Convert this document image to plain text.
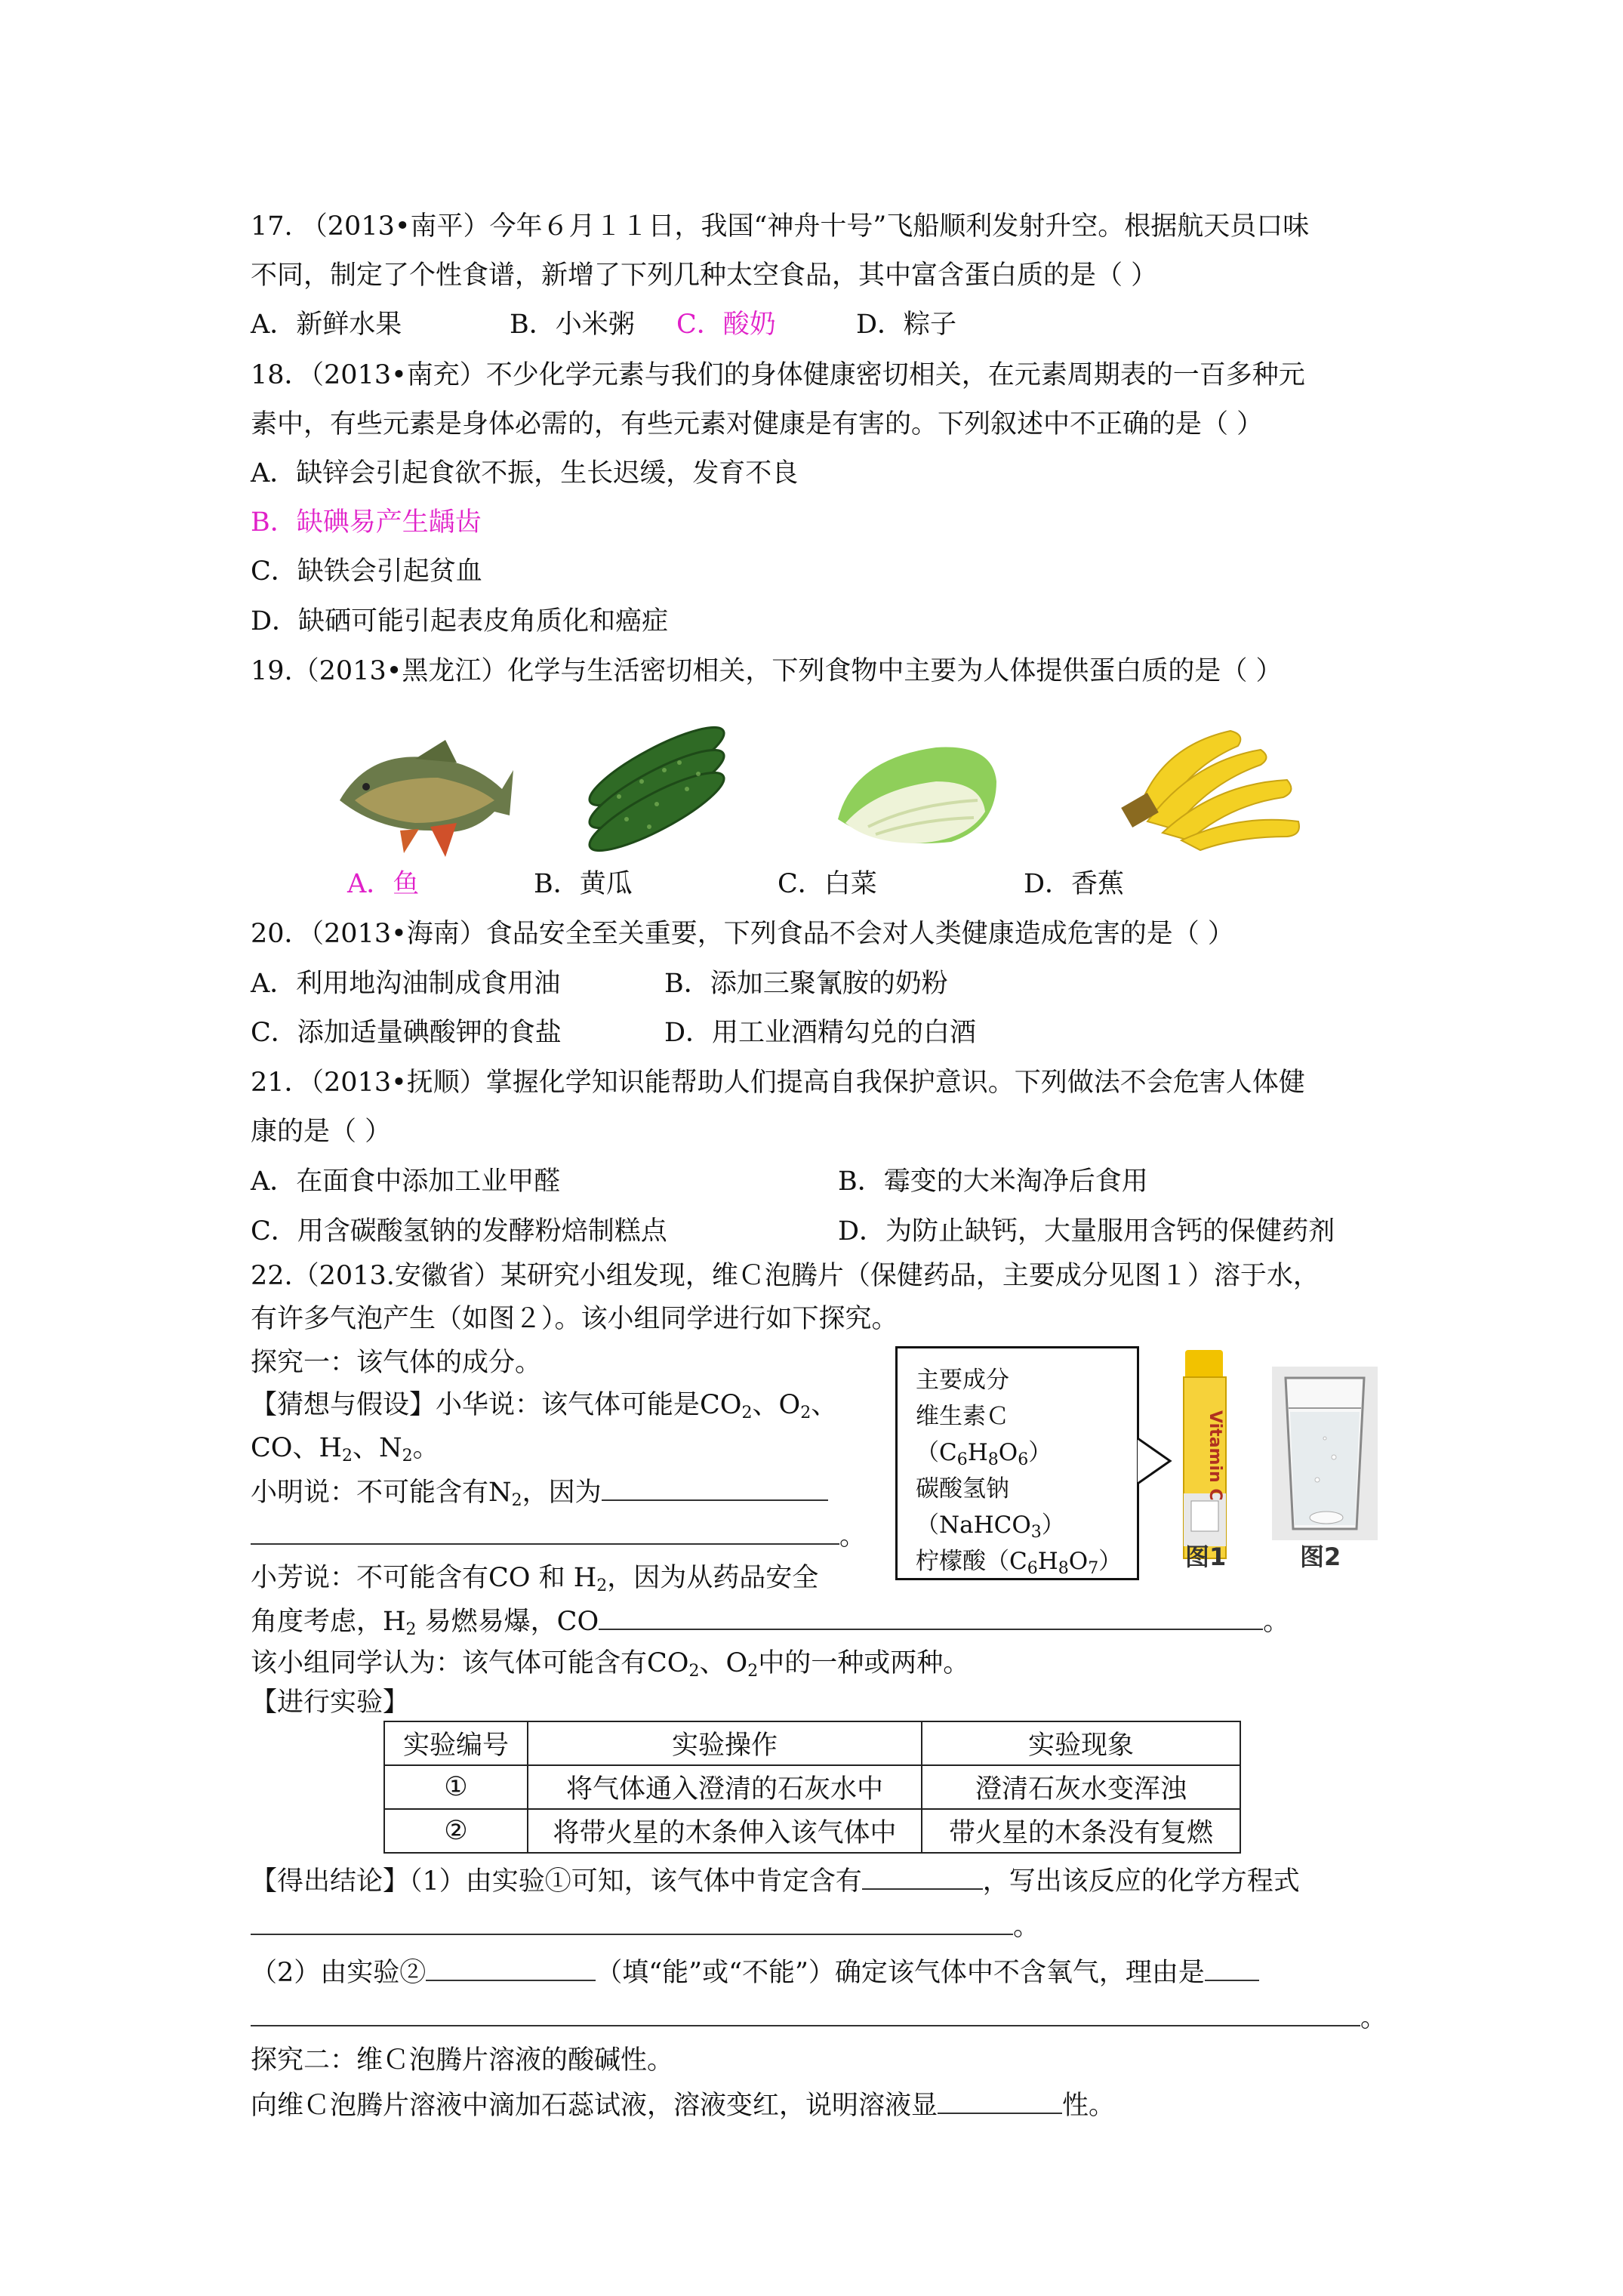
17. （2013•南平）今年６月１１日，我国“神舟十号”飞船顺利发射升空。根据航天员口味
不同，制定了个性食谱，新增了下列几种太空食品，其中富含蛋白质的是（ ）
A．新鲜水果	B．小米粥 C．酸奶	D．粽子
18．（2013•南充）不少化学元素与我们的身体健康密切相关，在元素周期表的一百多种元
素中，有些元素是身体必需的，有些元素对健康是有害的。下列叙述中不正确的是（ ）
A．缺锌会引起食欲不振，生长迟缓，发育不良
B．缺碘易产生龋齿
C．缺铁会引起贫血
D．缺硒可能引起表皮角质化和癌症
19.（2013•黑龙江）化学与生活密切相关，下列食物中主要为人体提供蛋白质的是（ ）
A．鱼	B．黄瓜	C．白菜	D．香蕉
20．（2013•海南）食品安全至关重要，下列食品不会对人类健康造成危害的是（ ）
A．利用地沟油制成食用油	B．添加三聚氰胺的奶粉
C．添加适量碘酸钾的食盐	D．用工业酒精勾兑的白酒
21．（2013•抚顺）掌握化学知识能帮助人们提高自我保护意识。下列做法不会危害人体健
康的是（ ）
A．在面食中添加工业甲醛	B．霉变的大米淘净后食用
C．用含碳酸氢钠的发酵粉焙制糕点	D．为防止缺钙，大量服用含钙的保健药剂
22.（2013.安徽省）某研究小组发现，维Ｃ泡腾片（保健药品，主要成分见图１）溶于水，
有许多气泡产生（如图２）。该小组同学进行如下探究。
探究一：该气体的成分。
【猜想与假设】小华说：该气体可能是$CO_2$、$O_2$、
CO、$H_2$、$N_2$。
小明说：不可能含有$N_2$，因为
。
小芳说：不可能含有CO 和 $H_2$，因为从药品安全
角度考虑，$H_2$ 易燃易爆，CO	。
该小组同学认为：该气体可能含有$CO_2$、$O_2$中的一种或两种。
【进行实验】
主要成分
维生素$C(C_6H_8O_6)$
碳酸氢钠（NaHCO$_3$）
柠檬酸$(C_6H_8O_7)$
Vitamin C
图1	图2
实验编号	实验操作	实验现象
①	将气体通入澄清的石灰水中	澄清石灰水变浑浊
②	将带火星的木条伸入该气体中	带火星的木条没有复燃
【得出结论】（1）由实验①可知，该气体中肯定含有	，写出该反应的化学方程式
。
（2）由实验②	（填“能”或“不能”）确定该气体中不含氧气，理由是
。
探究二：维Ｃ泡腾片溶液的酸碱性。
向维Ｃ泡腾片溶液中滴加石蕊试液，溶液变红，说明溶液显	性。
